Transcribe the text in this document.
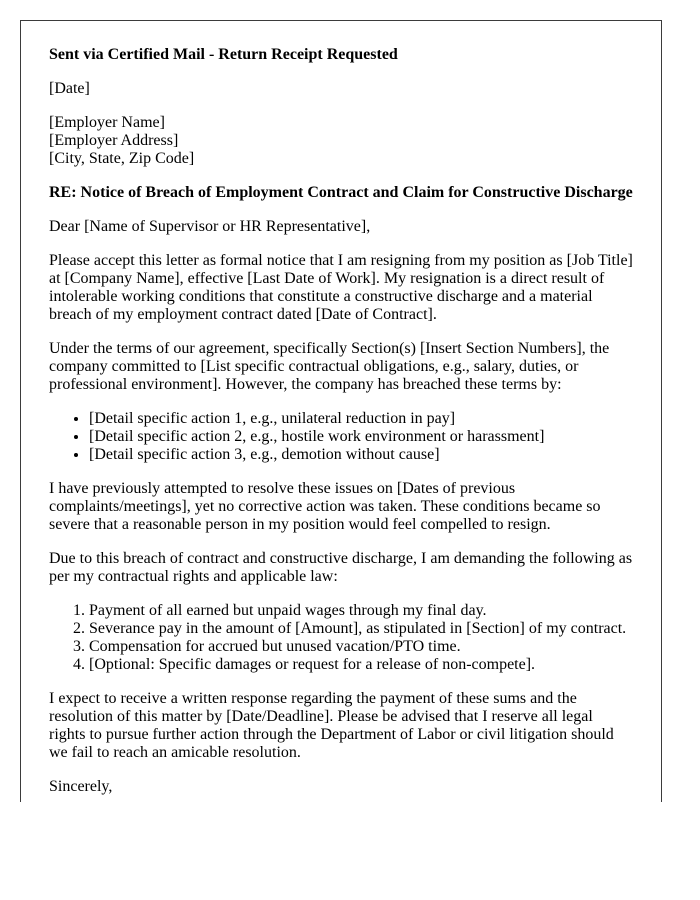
Sent via Certified Mail - Return Receipt Requested

[Date]

[Employer Name]
[Employer Address]
[City, State, Zip Code]

RE: Notice of Breach of Employment Contract and Claim for Constructive Discharge

Dear [Name of Supervisor or HR Representative],

Please accept this letter as formal notice that I am resigning from my position as [Job Title] at [Company Name], effective [Last Date of Work]. My resignation is a direct result of intolerable working conditions that constitute a constructive discharge and a material breach of my employment contract dated [Date of Contract].

Under the terms of our agreement, specifically Section(s) [Insert Section Numbers], the company committed to [List specific contractual obligations, e.g., salary, duties, or professional environment]. However, the company has breached these terms by:

• [Detail specific action 1, e.g., unilateral reduction in pay]
• [Detail specific action 2, e.g., hostile work environment or harassment]
• [Detail specific action 3, e.g., demotion without cause]

I have previously attempted to resolve these issues on [Dates of previous complaints/meetings], yet no corrective action was taken. These conditions became so severe that a reasonable person in my position would feel compelled to resign.

Due to this breach of contract and constructive discharge, I am demanding the following as per my contractual rights and applicable law:

1. Payment of all earned but unpaid wages through my final day.
2. Severance pay in the amount of [Amount], as stipulated in [Section] of my contract.
3. Compensation for accrued but unused vacation/PTO time.
4. [Optional: Specific damages or request for a release of non-compete].

I expect to receive a written response regarding the payment of these sums and the resolution of this matter by [Date/Deadline]. Please be advised that I reserve all legal rights to pursue further action through the Department of Labor or civil litigation should we fail to reach an amicable resolution.

Sincerely,
